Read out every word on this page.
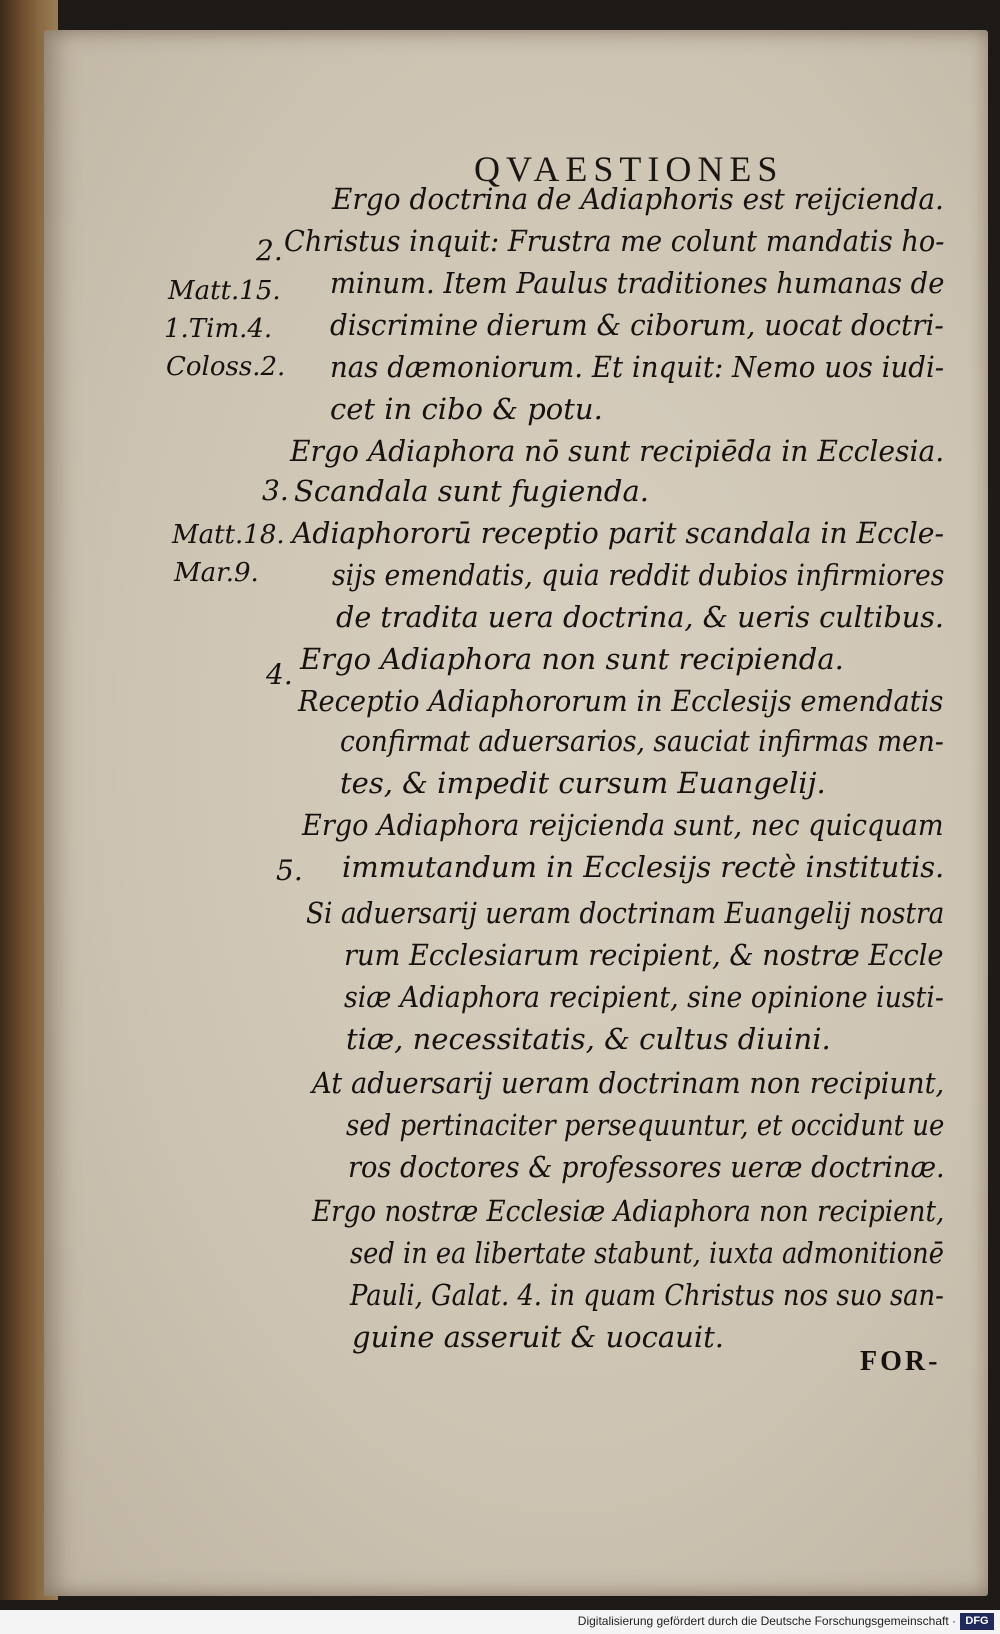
QVAESTIONES
Matt.15.
1.Tim.4.
Coloss.2.
Matt.18.
Mar.9.
2.
3.
4.
5.
Ergo doctrina de Adiaphoris est reijcienda.
Christus inquit: Frustra me colunt mandatis ho-
minum. Item Paulus traditiones humanas de
discrimine dierum & ciborum, uocat doctri-
nas dæmoniorum. Et inquit: Nemo uos iudi-
cet in cibo & potu.
Ergo Adiaphora nō sunt recipiēda in Ecclesia.
Scandala sunt fugienda.
Adiaphororū receptio parit scandala in Eccle-
sijs emendatis, quia reddit dubios infirmiores
de tradita uera doctrina, & ueris cultibus.
Ergo Adiaphora non sunt recipienda.
Receptio Adiaphororum in Ecclesijs emendatis
confirmat aduersarios, sauciat infirmas men-
tes, & impedit cursum Euangelij.
Ergo Adiaphora reijcienda sunt, nec quicquam
immutandum in Ecclesijs rectè institutis.
Si aduersarij ueram doctrinam Euangelij nostra
rum Ecclesiarum recipient, & nostræ Eccle
siæ Adiaphora recipient, sine opinione iusti-
tiæ, necessitatis, & cultus diuini.
At aduersarij ueram doctrinam non recipiunt,
sed pertinaciter persequuntur, et occidunt ue
ros doctores & professores ueræ doctrinæ.
Ergo nostræ Ecclesiæ Adiaphora non recipient,
sed in ea libertate stabunt, iuxta admonitionē
Pauli, Galat. 4. in quam Christus nos suo san-
guine asseruit & uocauit.
FOR-
Digitalisierung gefördert durch die Deutsche Forschungsgemeinschaft · DFG
